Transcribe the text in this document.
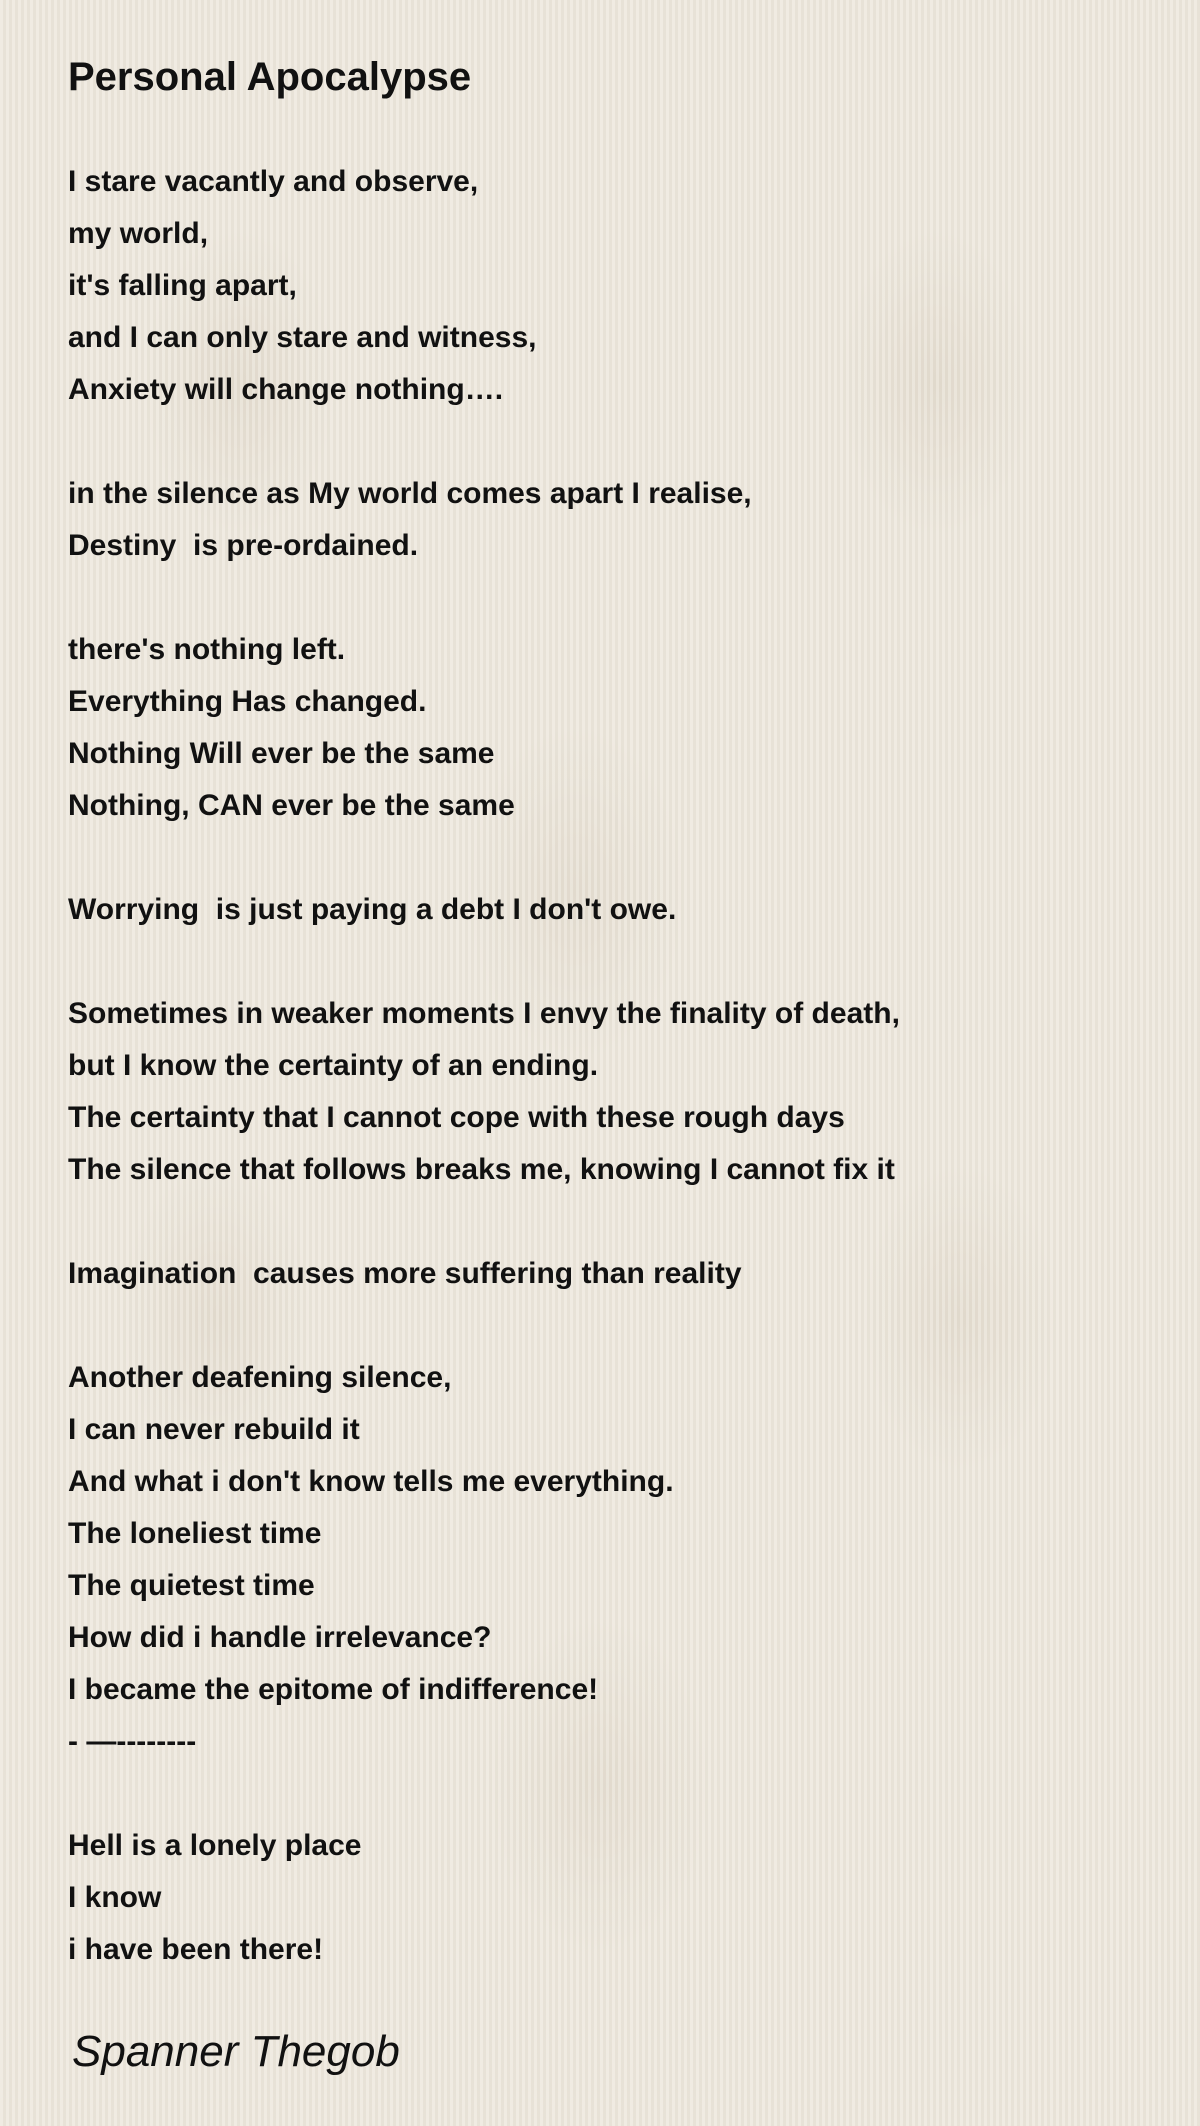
Personal Apocalypse
I stare vacantly and observe,
my world,
it's falling apart,
and I can only stare and witness,
Anxiety will change nothing….
in the silence as My world comes apart I realise,
Destiny  is pre-ordained.
there's nothing left.
Everything Has changed.
Nothing Will ever be the same
Nothing, CAN ever be the same
Worrying  is just paying a debt I don't owe.
Sometimes in weaker moments I envy the finality of death,
but I know the certainty of an ending.
The certainty that I cannot cope with these rough days
The silence that follows breaks me, knowing I cannot fix it
Imagination  causes more suffering than reality
Another deafening silence,
I can never rebuild it
And what i don't know tells me everything.
The loneliest time
The quietest time
How did i handle irrelevance?
I became the epitome of indifference!
- —--------
Hell is a lonely place
I know
i have been there!
Spanner Thegob
